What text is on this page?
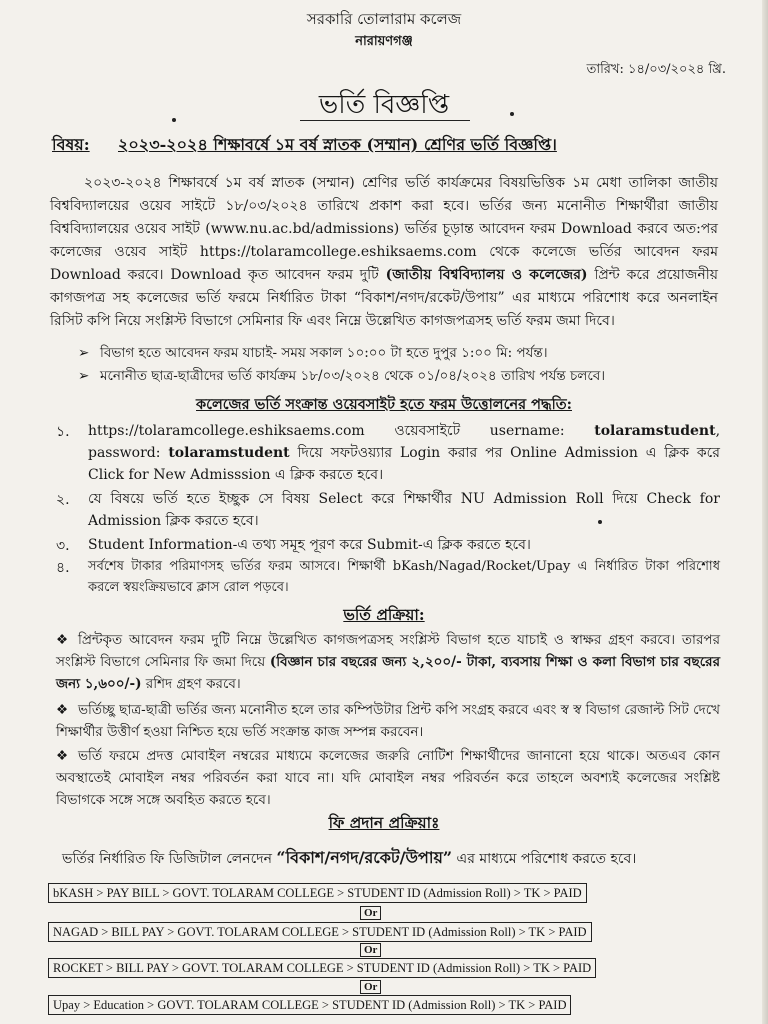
সরকারি তোলারাম কলেজ
নারায়ণগঞ্জ
তারিখ: ১৪/০৩/২০২৪ খ্রি.
ভর্তি বিজ্ঞপ্তি
বিষয়: ২০২৩-২০২৪ শিক্ষাবর্ষে ১ম বর্ষ স্নাতক (সম্মান) শ্রেণির ভর্তি বিজ্ঞপ্তি।
২০২৩-২০২৪ শিক্ষাবর্ষে ১ম বর্ষ স্নাতক (সম্মান) শ্রেণির ভর্তি কার্যক্রমের বিষয়ভিত্তিক ১ম মেধা তালিকা জাতীয় বিশ্ববিদ্যালয়ের ওয়েব সাইটে ১৮/০৩/২০২৪ তারিখে প্রকাশ করা হবে। ভর্তির জন্য মনোনীত শিক্ষার্থীরা জাতীয় বিশ্ববিদ্যালয়ের ওয়েব সাইট (www.nu.ac.bd/admissions) ভর্তির চূড়ান্ত আবেদন ফরম Download করবে অত:পর কলেজের ওয়েব সাইট https://tolaramcollege.eshiksaems.com থেকে কলেজে ভর্তির আবেদন ফরম Download করবে। Download কৃত আবেদন ফরম দুটি (জাতীয় বিশ্ববিদ্যালয় ও কলেজের) প্রিন্ট করে প্রয়োজনীয় কাগজপত্র সহ কলেজের ভর্তি ফরমে নির্ধারিত টাকা “বিকাশ/নগদ/রকেট/উপায়” এর মাধ্যমে পরিশোধ করে অনলাইন রিসিট কপি নিয়ে সংশ্লিস্ট বিভাগে সেমিনার ফি এবং নিম্নে উল্লেখিত কাগজপত্রসহ ভর্তি ফরম জমা দিবে।
➢ বিভাগ হতে আবেদন ফরম যাচাই- সময় সকাল ১০:০০ টা হতে দুপুর ১:০০ মি: পর্যন্ত।
➢ মনোনীত ছাত্র-ছাত্রীদের ভর্তি কার্যক্রম ১৮/০৩/২০২৪ থেকে ০১/০৪/২০২৪ তারিখ পর্যন্ত চলবে।
কলেজের ভর্তি সংক্রান্ত ওয়েবসাইট হতে ফরম উত্তোলনের পদ্ধতি:
১.	https://tolaramcollege.eshiksaems.com ওয়েবসাইটে username: tolaramstudent, password: tolaramstudent দিয়ে সফটওয়্যার Login করার পর Online Admission এ ক্লিক করে Click for New Admisssion এ ক্লিক করতে হবে।
২.	যে বিষয়ে ভর্তি হতে ইচ্ছুক সে বিষয় Select করে শিক্ষার্থীর NU Admission Roll দিয়ে Check for Admission ক্লিক করতে হবে।
৩.	Student Information-এ তথ্য সমূহ পূরণ করে Submit-এ ক্লিক করতে হবে।
৪.	সর্বশেষ টাকার পরিমাণসহ ভর্তির ফরম আসবে। শিক্ষার্থী bKash/Nagad/Rocket/Upay এ নির্ধারিত টাকা পরিশোধ করলে স্বয়ংক্রিয়ভাবে ক্লাস রোল পড়বে।
ভর্তি প্রক্রিয়া:
❖ প্রিন্টকৃত আবেদন ফরম দুটি নিম্নে উল্লেখিত কাগজপত্রসহ সংশ্লিস্ট বিভাগ হতে যাচাই ও স্বাক্ষর গ্রহণ করবে। তারপর সংশ্লিস্ট বিভাগে সেমিনার ফি জমা দিয়ে (বিজ্ঞান চার বছরের জন্য ২,২০০/- টাকা, ব্যবসায় শিক্ষা ও কলা বিভাগ চার বছরের জন্য ১,৬০০/-) রশিদ গ্রহণ করবে।
❖ ভর্তিচ্ছু ছাত্র-ছাত্রী ভর্তির জন্য মনোনীত হলে তার কম্পিউটার প্রিন্ট কপি সংগ্রহ করবে এবং স্ব স্ব বিভাগ রেজাল্ট সিট দেখে শিক্ষার্থীর উত্তীর্ণ হওয়া নিশ্চিত হয়ে ভর্তি সংক্রান্ত কাজ সম্পন্ন করবেন।
❖ ভর্তি ফরমে প্রদত্ত মোবাইল নম্বরের মাধ্যমে কলেজের জরুরি নোটিশ শিক্ষার্থীদের জানানো হয়ে থাকে। অতএব কোন অবস্থাতেই মোবাইল নম্বর পরিবর্তন করা যাবে না। যদি মোবাইল নম্বর পরিবর্তন করে তাহলে অবশ্যই কলেজের সংশ্লিষ্ট বিভাগকে সঙ্গে সঙ্গে অবহিত করতে হবে।
ফি প্রদান প্রক্রিয়াঃ
ভর্তির নির্ধারিত ফি ডিজিটাল লেনদেন “বিকাশ/নগদ/রকেট/উপায়” এর মাধ্যমে পরিশোধ করতে হবে।
bKASH > PAY BILL > GOVT. TOLARAM COLLEGE > STUDENT ID (Admission Roll) > TK > PAID
Or
NAGAD > BILL PAY > GOVT. TOLARAM COLLEGE > STUDENT ID (Admission Roll) > TK > PAID
Or
ROCKET > BILL PAY > GOVT. TOLARAM COLLEGE > STUDENT ID (Admission Roll) > TK > PAID
Or
Upay > Education > GOVT. TOLARAM COLLEGE > STUDENT ID (Admission Roll) > TK > PAID
